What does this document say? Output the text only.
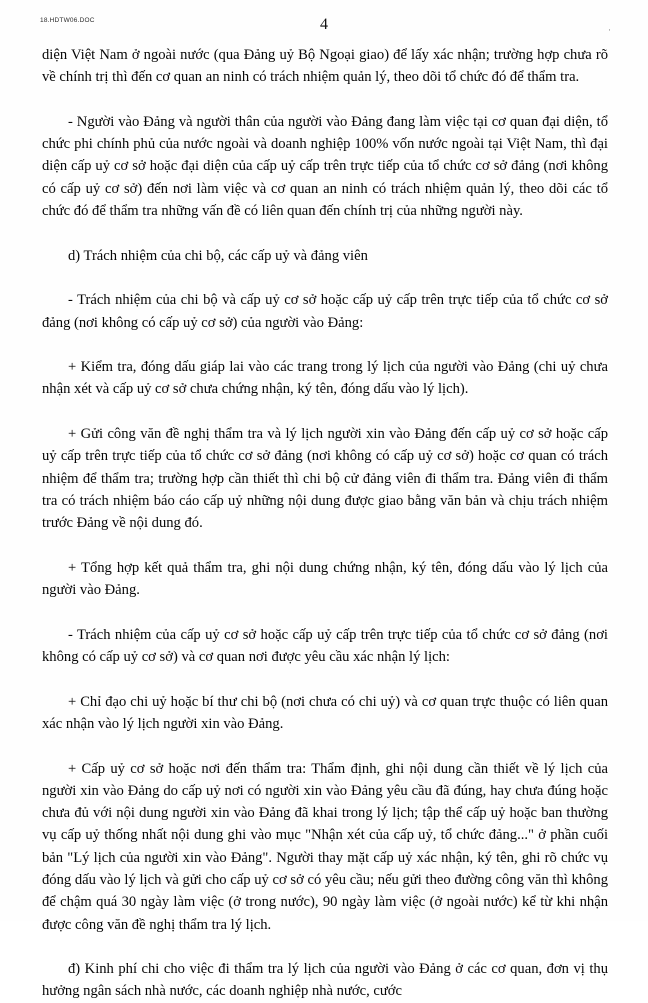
18.HDTW06.DOC	4	·

diện Việt Nam ở ngoài nước (qua Đảng uỷ Bộ Ngoại giao) để lấy xác nhận; trường hợp chưa rõ về chính trị thì đến cơ quan an ninh có trách nhiệm quản lý, theo dõi tổ chức đó để thẩm tra.

- Người vào Đảng và người thân của người vào Đảng đang làm việc tại cơ quan đại diện, tổ chức phi chính phủ của nước ngoài và doanh nghiệp 100% vốn nước ngoài tại Việt Nam, thì đại diện cấp uỷ cơ sở hoặc đại diện của cấp uỷ cấp trên trực tiếp của tổ chức cơ sở đảng (nơi không có cấp uỷ cơ sở) đến nơi làm việc và cơ quan an ninh có trách nhiệm quản lý, theo dõi các tổ chức đó để thẩm tra những vấn đề có liên quan đến chính trị của những người này.

d) Trách nhiệm của chi bộ, các cấp uỷ và đảng viên

- Trách nhiệm của chi bộ và cấp uỷ cơ sở hoặc cấp uỷ cấp trên trực tiếp của tổ chức cơ sở đảng (nơi không có cấp uỷ cơ sở) của người vào Đảng:

+ Kiểm tra, đóng dấu giáp lai vào các trang trong lý lịch của người vào Đảng (chi uỷ chưa nhận xét và cấp uỷ cơ sở chưa chứng nhận, ký tên, đóng dấu vào lý lịch).

+ Gửi công văn đề nghị thẩm tra và lý lịch người xin vào Đảng đến cấp uỷ cơ sở hoặc cấp uỷ cấp trên trực tiếp của tổ chức cơ sở đảng (nơi không có cấp uỷ cơ sở) hoặc cơ quan có trách nhiệm để thẩm tra; trường hợp cần thiết thì chi bộ cử đảng viên đi thẩm tra. Đảng viên đi thẩm tra có trách nhiệm báo cáo cấp uỷ những nội dung được giao bằng văn bản và chịu trách nhiệm trước Đảng về nội dung đó.

+ Tổng hợp kết quả thẩm tra, ghi nội dung chứng nhận, ký tên, đóng dấu vào lý lịch của người vào Đảng.

- Trách nhiệm của cấp uỷ cơ sở hoặc cấp uỷ cấp trên trực tiếp của tổ chức cơ sở đảng (nơi không có cấp uỷ cơ sở) và cơ quan nơi được yêu cầu xác nhận lý lịch:

+ Chỉ đạo chi uỷ hoặc bí thư chi bộ (nơi chưa có chi uỷ) và cơ quan trực thuộc có liên quan xác nhận vào lý lịch người xin vào Đảng.

+ Cấp uỷ cơ sở hoặc nơi đến thẩm tra: Thẩm định, ghi nội dung cần thiết về lý lịch của người xin vào Đảng do cấp uỷ nơi có người xin vào Đảng yêu cầu đã đúng, hay chưa đúng hoặc chưa đủ với nội dung người xin vào Đảng đã khai trong lý lịch; tập thể cấp uỷ hoặc ban thường vụ cấp uỷ thống nhất nội dung ghi vào mục "Nhận xét của cấp uỷ, tổ chức đảng..." ở phần cuối bản "Lý lịch của người xin vào Đảng". Người thay mặt cấp uỷ xác nhận, ký tên, ghi rõ chức vụ đóng dấu vào lý lịch và gửi cho cấp uỷ cơ sở có yêu cầu; nếu gửi theo đường công văn thì không để chậm quá 30 ngày làm việc (ở trong nước), 90 ngày làm việc (ở ngoài nước) kể từ khi nhận được công văn đề nghị thẩm tra lý lịch.

đ) Kinh phí chi cho việc đi thẩm tra lý lịch của người vào Đảng ở các cơ quan, đơn vị thụ hưởng ngân sách nhà nước, các doanh nghiệp nhà nước, cước
